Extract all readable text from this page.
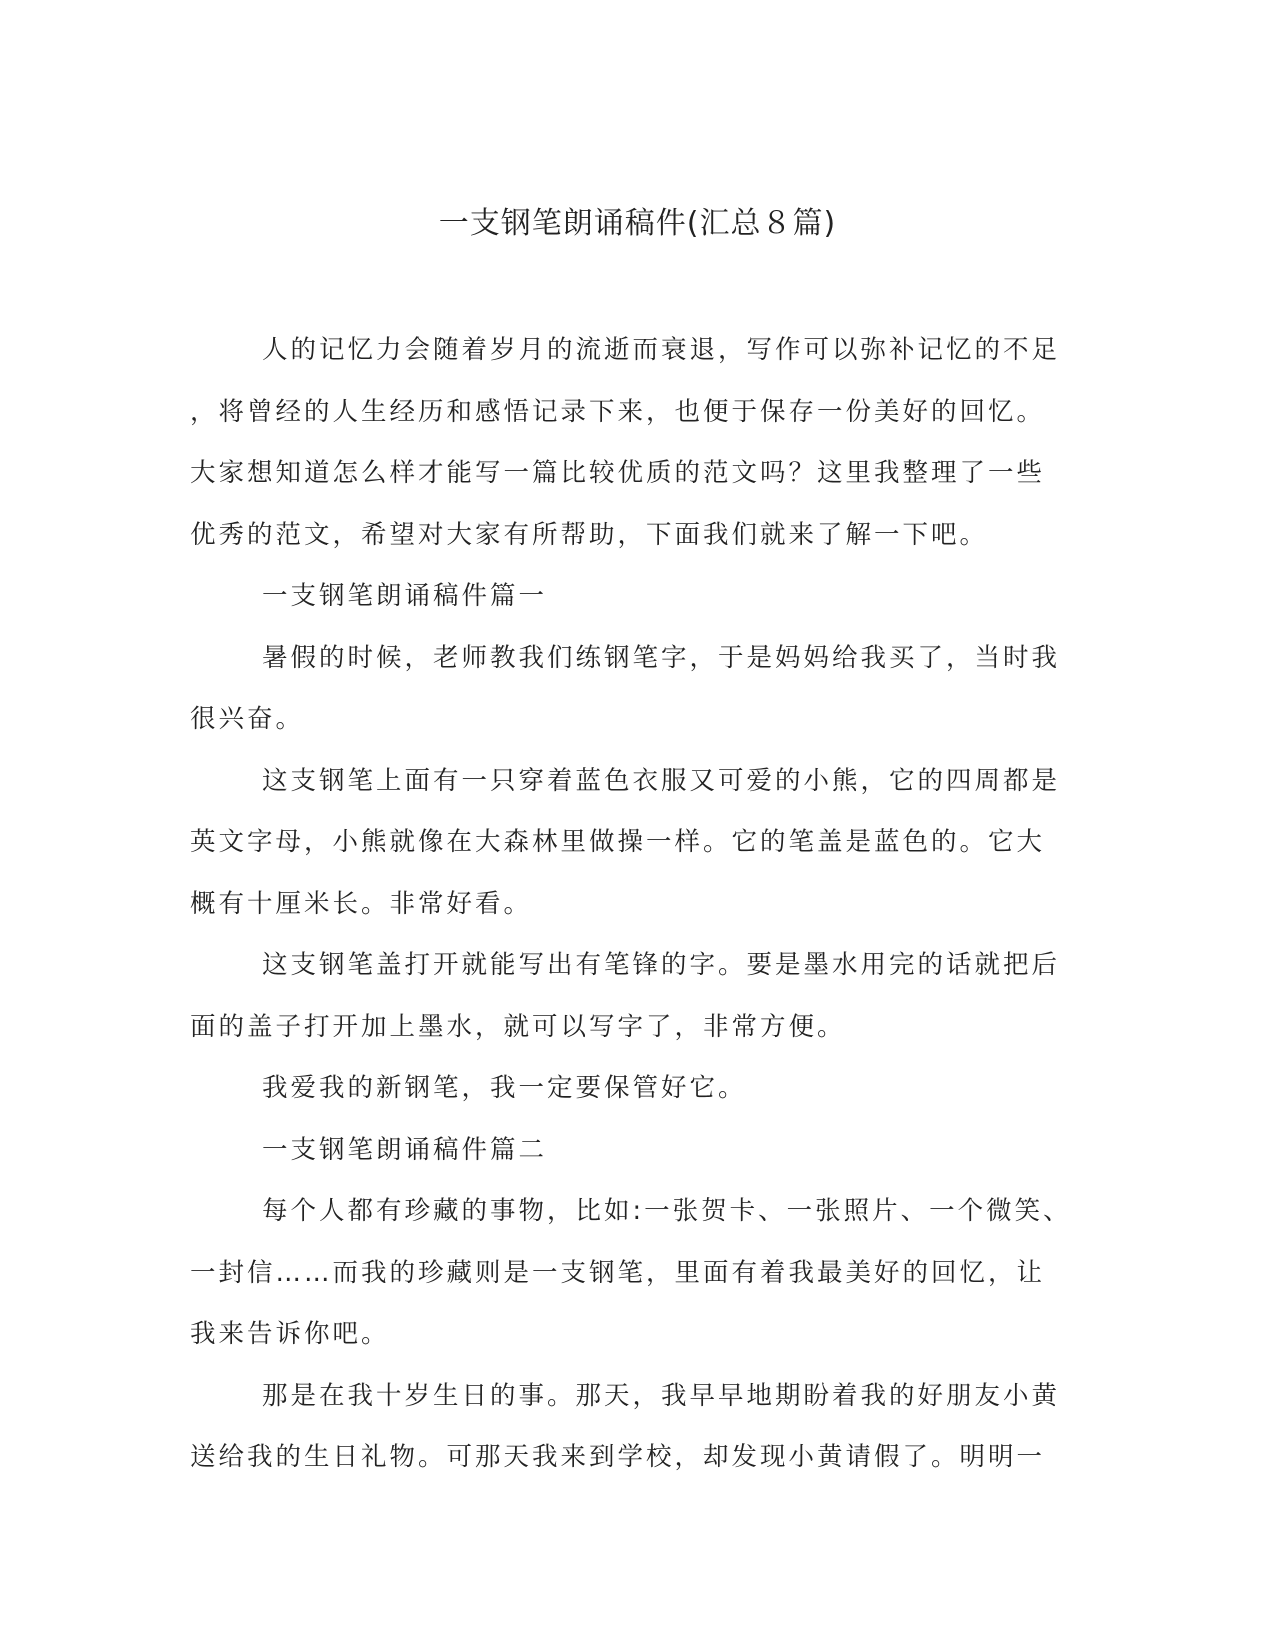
一支钢笔朗诵稿件(汇总８篇)
人的记忆力会随着岁月的流逝而衰退，写作可以弥补记忆的不足
，将曾经的人生经历和感悟记录下来，也便于保存一份美好的回忆。
大家想知道怎么样才能写一篇比较优质的范文吗？这里我整理了一些
优秀的范文，希望对大家有所帮助，下面我们就来了解一下吧。
一支钢笔朗诵稿件篇一
暑假的时候，老师教我们练钢笔字，于是妈妈给我买了，当时我
很兴奋。
这支钢笔上面有一只穿着蓝色衣服又可爱的小熊，它的四周都是
英文字母，小熊就像在大森林里做操一样。它的笔盖是蓝色的。它大
概有十厘米长。非常好看。
这支钢笔盖打开就能写出有笔锋的字。要是墨水用完的话就把后
面的盖子打开加上墨水，就可以写字了，非常方便。
我爱我的新钢笔，我一定要保管好它。
一支钢笔朗诵稿件篇二
每个人都有珍藏的事物，比如:一张贺卡、一张照片、一个微笑、
一封信……而我的珍藏则是一支钢笔，里面有着我最美好的回忆，让
我来告诉你吧。
那是在我十岁生日的事。那天，我早早地期盼着我的好朋友小黄
送给我的生日礼物。可那天我来到学校，却发现小黄请假了。明明一
